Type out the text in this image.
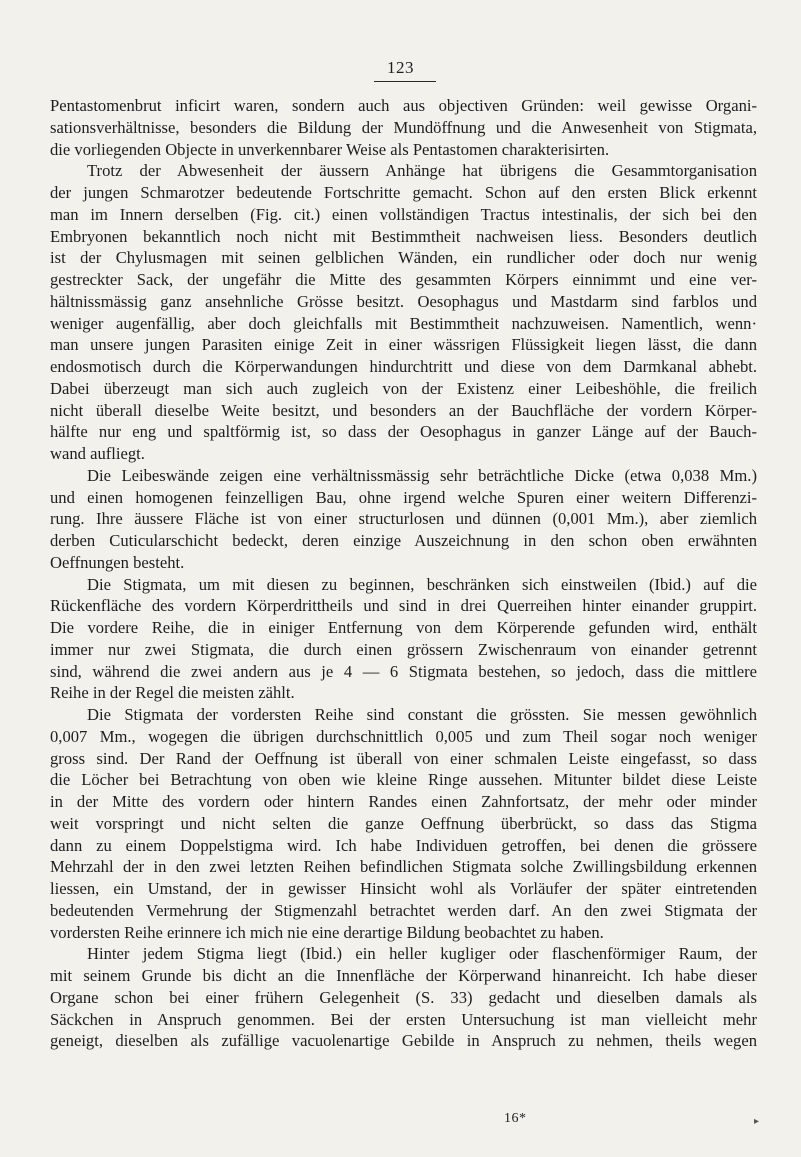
123
Pentastomenbrut inficirt waren, sondern auch aus objectiven Gründen: weil gewisse Organi-
sationsverhältnisse, besonders die Bildung der Mundöffnung und die Anwesenheit von Stigmata,
die vorliegenden Objecte in unverkennbarer Weise als Pentastomen charakterisirten.
Trotz der Abwesenheit der äussern Anhänge hat übrigens die Gesammtorganisation
der jungen Schmarotzer bedeutende Fortschritte gemacht. Schon auf den ersten Blick erkennt
man im Innern derselben (Fig. cit.) einen vollständigen Tractus intestinalis, der sich bei den
Embryonen bekanntlich noch nicht mit Bestimmtheit nachweisen liess. Besonders deutlich
ist der Chylusmagen mit seinen gelblichen Wänden, ein rundlicher oder doch nur wenig
gestreckter Sack, der ungefähr die Mitte des gesammten Körpers einnimmt und eine ver-
hältnissmässig ganz ansehnliche Grösse besitzt. Oesophagus und Mastdarm sind farblos und
weniger augenfällig, aber doch gleichfalls mit Bestimmtheit nachzuweisen. Namentlich, wenn·
man unsere jungen Parasiten einige Zeit in einer wässrigen Flüssigkeit liegen lässt, die dann
endosmotisch durch die Körperwandungen hindurchtritt und diese von dem Darmkanal abhebt.
Dabei überzeugt man sich auch zugleich von der Existenz einer Leibeshöhle, die freilich
nicht überall dieselbe Weite besitzt, und besonders an der Bauchfläche der vordern Körper-
hälfte nur eng und spaltförmig ist, so dass der Oesophagus in ganzer Länge auf der Bauch-
wand aufliegt.
Die Leibeswände zeigen eine verhältnissmässig sehr beträchtliche Dicke (etwa 0,038 Mm.)
und einen homogenen feinzelligen Bau, ohne irgend welche Spuren einer weitern Differenzi-
rung. Ihre äussere Fläche ist von einer structurlosen und dünnen (0,001 Mm.), aber ziemlich
derben Cuticularschicht bedeckt, deren einzige Auszeichnung in den schon oben erwähnten
Oeffnungen besteht.
Die Stigmata, um mit diesen zu beginnen, beschränken sich einstweilen (Ibid.) auf die
Rückenfläche des vordern Körperdrittheils und sind in drei Querreihen hinter einander gruppirt.
Die vordere Reihe, die in einiger Entfernung von dem Körperende gefunden wird, enthält
immer nur zwei Stigmata, die durch einen grössern Zwischenraum von einander getrennt
sind, während die zwei andern aus je 4 — 6 Stigmata bestehen, so jedoch, dass die mittlere
Reihe in der Regel die meisten zählt.
Die Stigmata der vordersten Reihe sind constant die grössten. Sie messen gewöhnlich
0,007 Mm., wogegen die übrigen durchschnittlich 0,005 und zum Theil sogar noch weniger
gross sind. Der Rand der Oeffnung ist überall von einer schmalen Leiste eingefasst, so dass
die Löcher bei Betrachtung von oben wie kleine Ringe aussehen. Mitunter bildet diese Leiste
in der Mitte des vordern oder hintern Randes einen Zahnfortsatz, der mehr oder minder
weit vorspringt und nicht selten die ganze Oeffnung überbrückt, so dass das Stigma
dann zu einem Doppelstigma wird. Ich habe Individuen getroffen, bei denen die grössere
Mehrzahl der in den zwei letzten Reihen befindlichen Stigmata solche Zwillingsbildung erkennen
liessen, ein Umstand, der in gewisser Hinsicht wohl als Vorläufer der später eintretenden
bedeutenden Vermehrung der Stigmenzahl betrachtet werden darf. An den zwei Stigmata der
vordersten Reihe erinnere ich mich nie eine derartige Bildung beobachtet zu haben.
Hinter jedem Stigma liegt (Ibid.) ein heller kugliger oder flaschenförmiger Raum, der
mit seinem Grunde bis dicht an die Innenfläche der Körperwand hinanreicht. Ich habe dieser
Organe schon bei einer frühern Gelegenheit (S. 33) gedacht und dieselben damals als
Säckchen in Anspruch genommen. Bei der ersten Untersuchung ist man vielleicht mehr
geneigt, dieselben als zufällige vacuolenartige Gebilde in Anspruch zu nehmen, theils wegen
16*	▸
